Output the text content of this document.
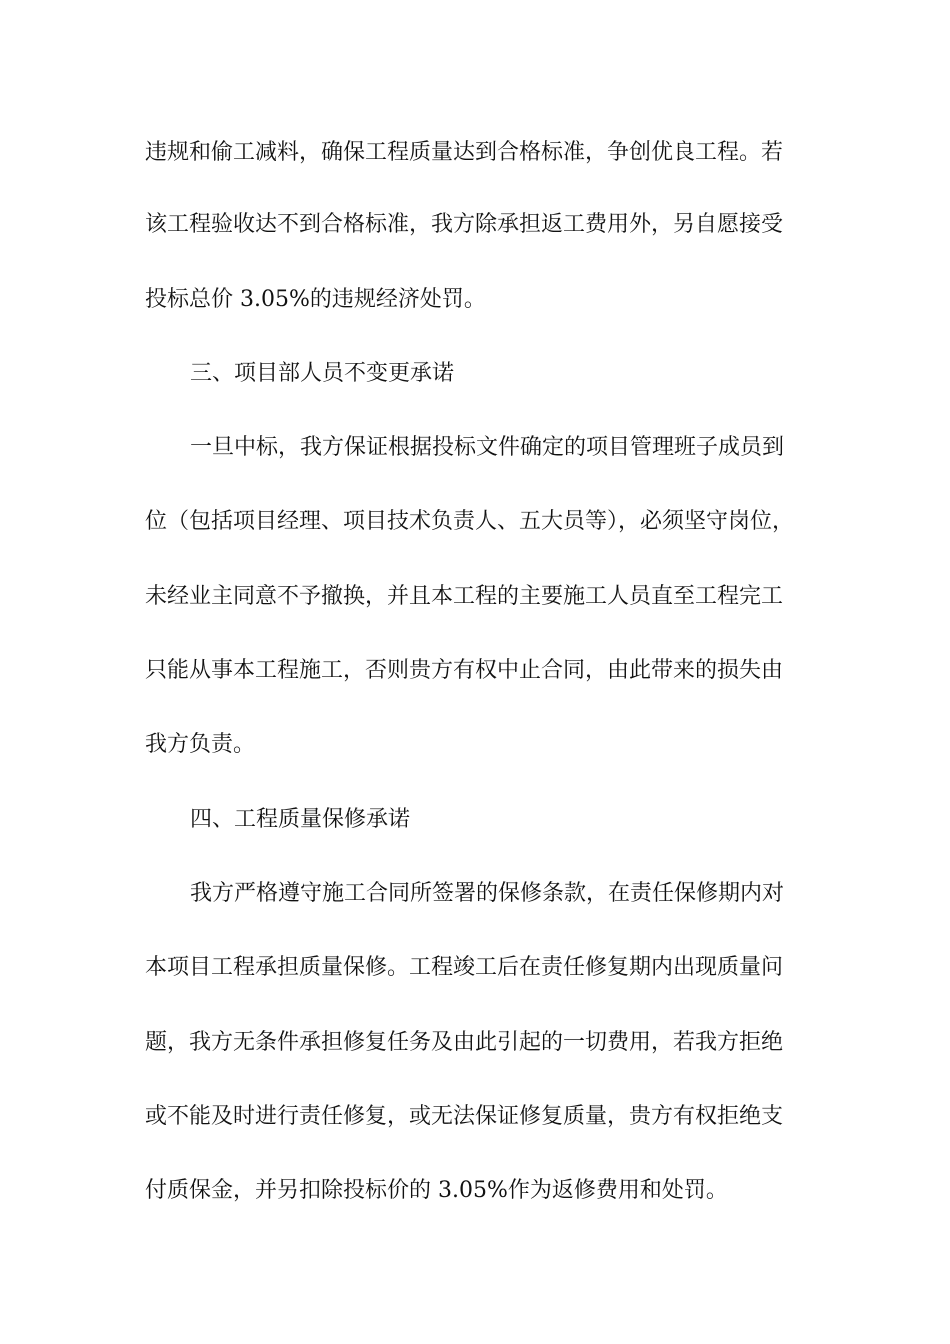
违规和偷工减料，确保工程质量达到合格标准，争创优良工程。若
该工程验收达不到合格标准，我方除承担返工费用外，另自愿接受
投标总价 3.05%的违规经济处罚。
三、项目部人员不变更承诺
一旦中标，我方保证根据投标文件确定的项目管理班子成员到
位（包括项目经理、项目技术负责人、五大员等），必须坚守岗位，
未经业主同意不予撤换，并且本工程的主要施工人员直至工程完工
只能从事本工程施工，否则贵方有权中止合同，由此带来的损失由
我方负责。
四、工程质量保修承诺
我方严格遵守施工合同所签署的保修条款，在责任保修期内对
本项目工程承担质量保修。工程竣工后在责任修复期内出现质量问
题，我方无条件承担修复任务及由此引起的一切费用，若我方拒绝
或不能及时进行责任修复，或无法保证修复质量，贵方有权拒绝支
付质保金，并另扣除投标价的 3.05%作为返修费用和处罚。
